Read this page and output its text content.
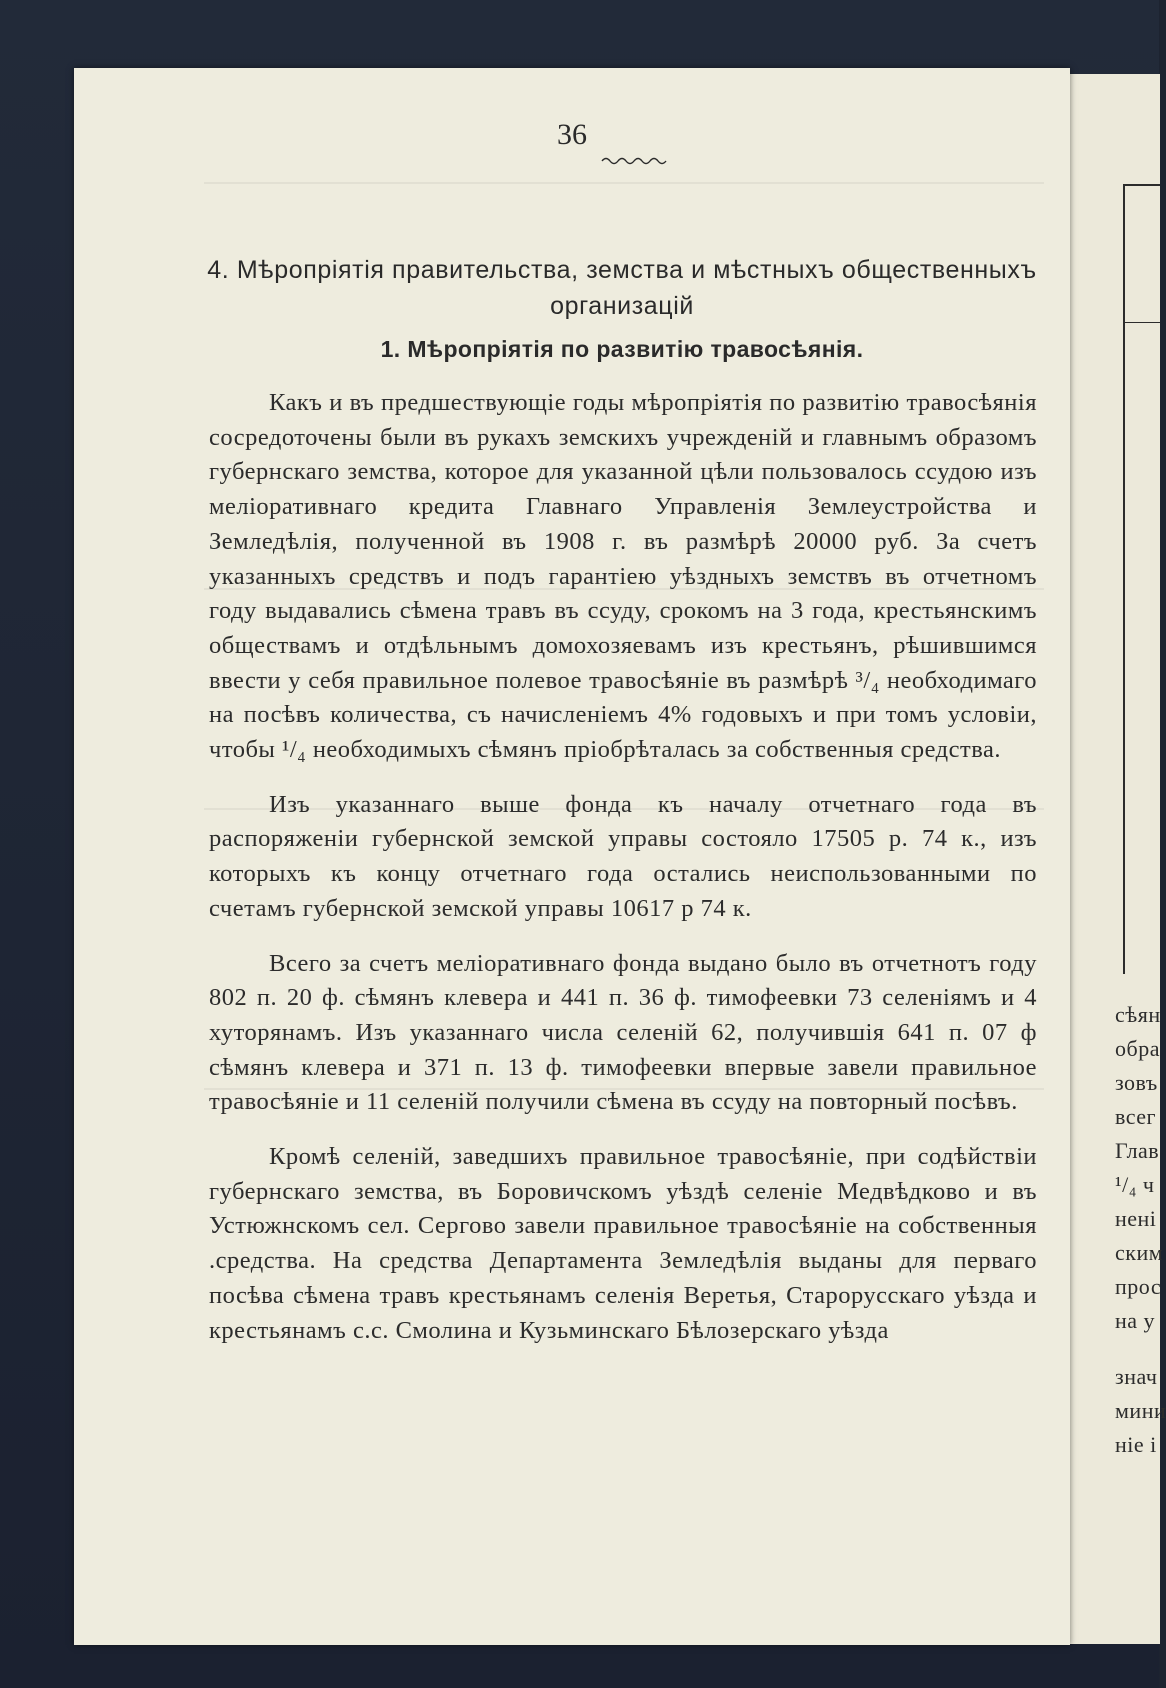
сѣян
обра
зовъ
всег
Глав
¹/₄ ч
нені
ским
прос
на у
знач
мини
ніе і
36
4. Мѣропріятія правительства, земства и мѣстныхъ общественныхъ организацій
1. Мѣропріятія по развитію травосѣянія.

Какъ и въ предшествующіе годы мѣропріятія по развитію травосѣянія сосредоточены были въ рукахъ земскихъ учрежденій и главнымъ образомъ губернскаго земства, которое для указанной цѣли пользовалось ссудою изъ меліоративнаго кредита Главнаго Управленія Землеустройства и Земледѣлія, полученной въ 1908 г. въ размѣрѣ 20000 руб. За счетъ указанныхъ средствъ и подъ гарантіею уѣздныхъ земствъ въ отчетномъ году выдавались сѣмена травъ въ ссуду, срокомъ на 3 года, крестьянскимъ обществамъ и отдѣльнымъ домохозяевамъ изъ крестьянъ, рѣшившимся ввести у себя правильное полевое травосѣяніе въ размѣрѣ ³/₄ необходимаго на посѣвъ количества, съ начисленіемъ 4% годовыхъ и при томъ условіи, чтобы ¹/₄ необходимыхъ сѣмянъ пріобрѣталась за собственныя средства.

Изъ указаннаго выше фонда къ началу отчетнаго года въ распоряженіи губернской земской управы состояло 17505 р. 74 к., изъ которыхъ къ концу отчетнаго года остались неиспользованными по счетамъ губернской земской управы 10617 р 74 к.

Всего за счетъ меліоративнаго фонда выдано было въ отчетнотъ году 802 п. 20 ф. сѣмянъ клевера и 441 п. 36 ф. тимофеевки 73 селеніямъ и 4 хуторянамъ. Изъ указаннаго числа селеній 62, получившія 641 п. 07 ф сѣмянъ клевера и 371 п. 13 ф. тимофеевки впервые завели правильное травосѣяніе и 11 селеній получили сѣмена въ ссуду на повторный посѣвъ.

Кромѣ селеній, заведшихъ правильное травосѣяніе, при содѣйствіи губернскаго земства, въ Боровичскомъ уѣздѣ селеніе Медвѣдково и въ Устюжнскомъ сел. Сергово завели правильное травосѣяніе на собственныя .средства. На средства Департамента Земледѣлія выданы для перваго посѣва сѣмена травъ крестьянамъ селенія Веретья, Старорусскаго уѣзда и крестьянамъ с.с. Смолина и Кузьминскаго Бѣлозерскаго уѣзда
